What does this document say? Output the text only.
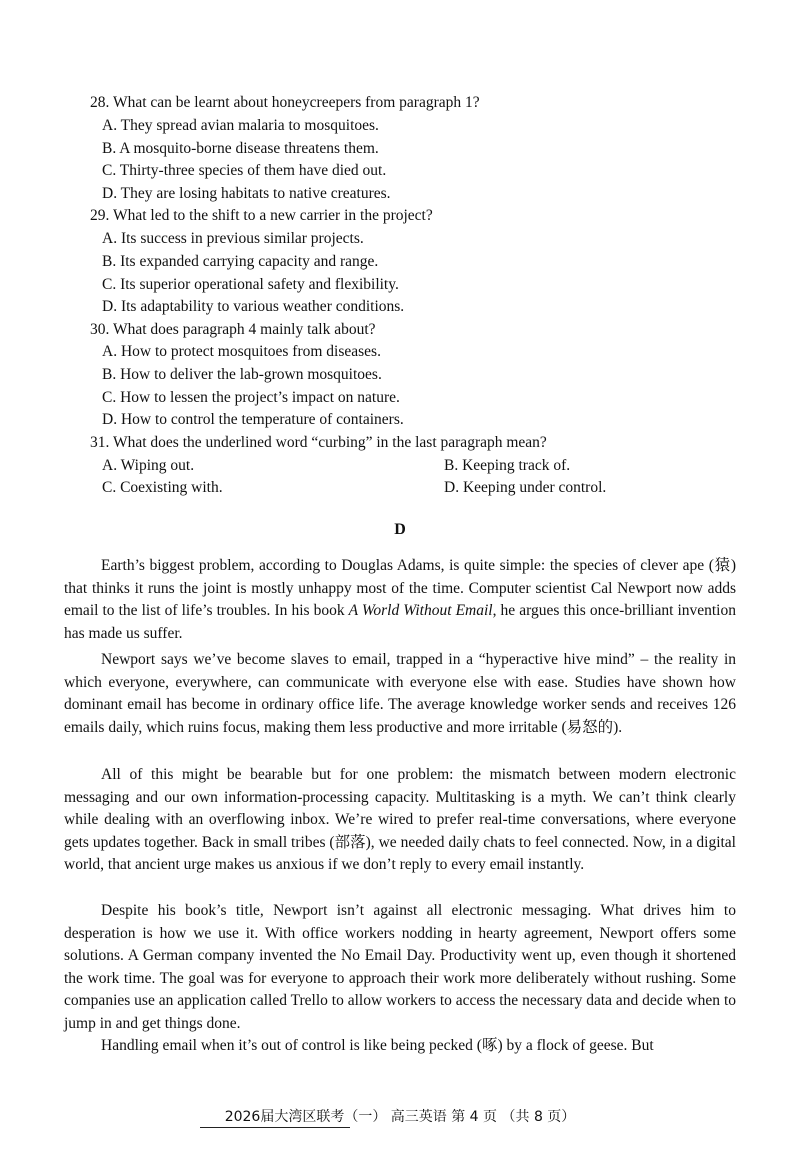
28. What can be learnt about honeycreepers from paragraph 1?
A. They spread avian malaria to mosquitoes.
B. A mosquito-borne disease threatens them.
C. Thirty-three species of them have died out.
D. They are losing habitats to native creatures.
29. What led to the shift to a new carrier in the project?
A. Its success in previous similar projects.
B. Its expanded carrying capacity and range.
C. Its superior operational safety and flexibility.
D. Its adaptability to various weather conditions.
30. What does paragraph 4 mainly talk about?
A. How to protect mosquitoes from diseases.
B. How to deliver the lab-grown mosquitoes.
C. How to lessen the project’s impact on nature.
D. How to control the temperature of containers.
31. What does the underlined word “curbing” in the last paragraph mean?
A. Wiping out.	B. Keeping track of.
C. Coexisting with.	D. Keeping under control.
D

Earth’s biggest problem, according to Douglas Adams, is quite simple: the species of clever ape (猿) that thinks it runs the joint is mostly unhappy most of the time. Computer scientist Cal Newport now adds email to the list of life’s troubles. In his book A World Without Email, he argues this once-brilliant invention has made us suffer.

Newport says we’ve become slaves to email, trapped in a “hyperactive hive mind” – the reality in which everyone, everywhere, can communicate with everyone else with ease. Studies have shown how dominant email has become in ordinary office life. The average knowledge worker sends and receives 126 emails daily, which ruins focus, making them less productive and more irritable (易怒的).

All of this might be bearable but for one problem: the mismatch between modern electronic messaging and our own information-processing capacity. Multitasking is a myth. We can’t think clearly while dealing with an overflowing inbox. We’re wired to prefer real-time conversations, where everyone gets updates together. Back in small tribes (部落), we needed daily chats to feel connected. Now, in a digital world, that ancient urge makes us anxious if we don’t reply to every email instantly.

Despite his book’s title, Newport isn’t against all electronic messaging. What drives him to desperation is how we use it. With office workers nodding in hearty agreement, Newport offers some solutions. A German company invented the No Email Day. Productivity went up, even though it shortened the work time. The goal was for everyone to approach their work more deliberately without rushing. Some companies use an application called Trello to allow workers to access the necessary data and decide when to jump in and get things done.

Handling email when it’s out of control is like being pecked (啄) by a flock of geese. But

2026届大湾区联考（一） 高三英语 第 4 页 （共 8 页）
